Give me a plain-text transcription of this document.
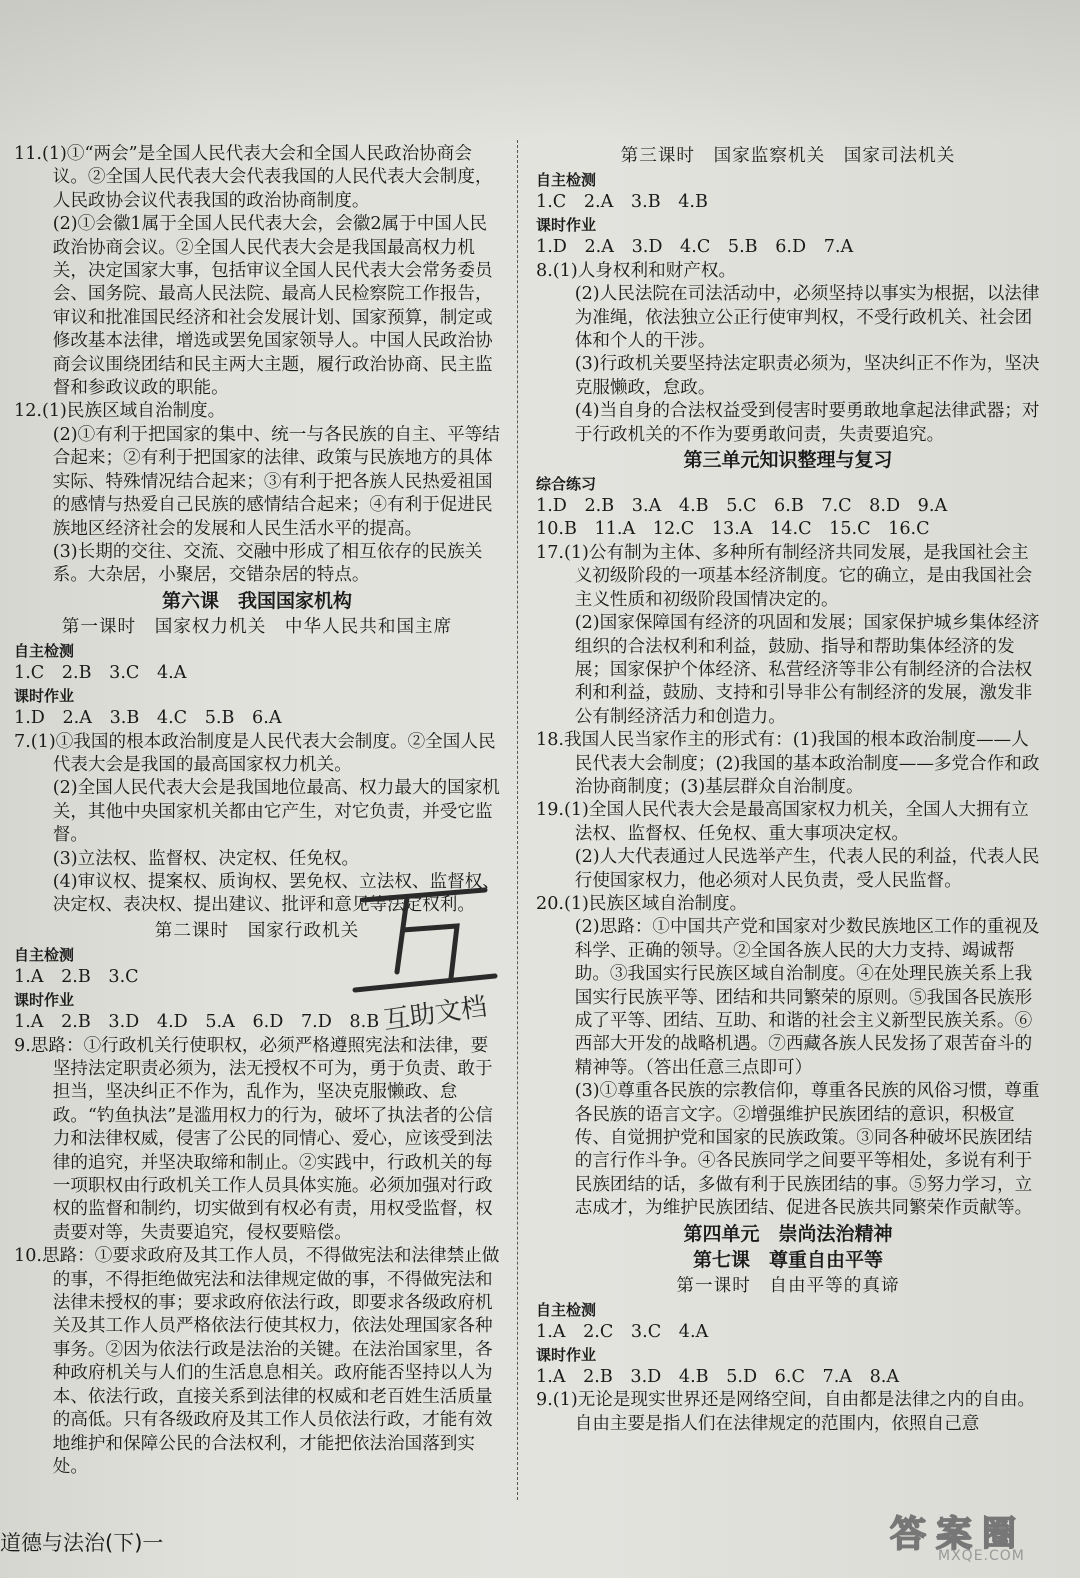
11.(1)①“两会”是全国人民代表大会和全国人民政治协商会议。②全国人民代表大会代表我国的人民代表大会制度，人民政协会议代表我国的政治协商制度。

(2)①会徽1属于全国人民代表大会，会徽2属于中国人民政治协商会议。②全国人民代表大会是我国最高权力机关，决定国家大事，包括审议全国人民代表大会常务委员会、国务院、最高人民法院、最高人民检察院工作报告，审议和批准国民经济和社会发展计划、国家预算，制定或修改基本法律，增选或罢免国家领导人。中国人民政治协商会议围绕团结和民主两大主题，履行政治协商、民主监督和参政议政的职能。

12.(1)民族区域自治制度。

(2)①有利于把国家的集中、统一与各民族的自主、平等结合起来；②有利于把国家的法律、政策与民族地方的具体实际、特殊情况结合起来；③有利于把各族人民热爱祖国的感情与热爱自己民族的感情结合起来；④有利于促进民族地区经济社会的发展和人民生活水平的提高。

(3)长期的交往、交流、交融中形成了相互依存的民族关系。大杂居，小聚居，交错杂居的特点。

第六课　我国国家机构

第一课时　国家权力机关　中华人民共和国主席

自主检测

1.C　2.B　3.C　4.A

课时作业

1.D　2.A　3.B　4.C　5.B　6.A

7.(1)①我国的根本政治制度是人民代表大会制度。②全国人民代表大会是我国的最高国家权力机关。

(2)全国人民代表大会是我国地位最高、权力最大的国家机关，其他中央国家机关都由它产生，对它负责，并受它监督。

(3)立法权、监督权、决定权、任免权。

(4)审议权、提案权、质询权、罢免权、立法权、监督权、决定权、表决权、提出建议、批评和意见等法定权利。

第二课时　国家行政机关

自主检测

1.A　2.B　3.C

课时作业

1.A　2.B　3.D　4.D　5.A　6.D　7.D　8.B

9.思路：①行政机关行使职权，必须严格遵照宪法和法律，要坚持法定职责必须为，法无授权不可为，勇于负责、敢于担当，坚决纠正不作为，乱作为，坚决克服懒政、怠政。“钓鱼执法”是滥用权力的行为，破坏了执法者的公信力和法律权威，侵害了公民的同情心、爱心，应该受到法律的追究，并坚决取缔和制止。②实践中，行政机关的每一项职权由行政机关工作人员具体实施。必须加强对行政权的监督和制约，切实做到有权必有责，用权受监督，权责要对等，失责要追究，侵权要赔偿。

10.思路：①要求政府及其工作人员，不得做宪法和法律禁止做的事，不得拒绝做宪法和法律规定做的事，不得做宪法和法律未授权的事；要求政府依法行政，即要求各级政府机关及其工作人员严格依法行使其权力，依法处理国家各种事务。②因为依法行政是法治的关键。在法治国家里，各种政府机关与人们的生活息息相关。政府能否坚持以人为本、依法行政，直接关系到法律的权威和老百姓生活质量的高低。只有各级政府及其工作人员依法行政，才能有效地维护和保障公民的合法权利，才能把依法治国落到实处。

第三课时　国家监察机关　国家司法机关

自主检测

1.C　2.A　3.B　4.B

课时作业

1.D　2.A　3.D　4.C　5.B　6.D　7.A

8.(1)人身权利和财产权。

(2)人民法院在司法活动中，必须坚持以事实为根据，以法律为准绳，依法独立公正行使审判权，不受行政机关、社会团体和个人的干涉。

(3)行政机关要坚持法定职责必须为，坚决纠正不作为，坚决克服懒政，怠政。

(4)当自身的合法权益受到侵害时要勇敢地拿起法律武器；对于行政机关的不作为要勇敢问责，失责要追究。

第三单元知识整理与复习

综合练习

1.D　2.B　3.A　4.B　5.C　6.B　7.C　8.D　9.A

10.B　11.A　12.C　13.A　14.C　15.C　16.C

17.(1)公有制为主体、多种所有制经济共同发展，是我国社会主义初级阶段的一项基本经济制度。它的确立，是由我国社会主义性质和初级阶段国情决定的。

(2)国家保障国有经济的巩固和发展；国家保护城乡集体经济组织的合法权利和利益，鼓励、指导和帮助集体经济的发展；国家保护个体经济、私营经济等非公有制经济的合法权利和利益，鼓励、支持和引导非公有制经济的发展，激发非公有制经济活力和创造力。

18.我国人民当家作主的形式有：(1)我国的根本政治制度——人民代表大会制度；(2)我国的基本政治制度——多党合作和政治协商制度；(3)基层群众自治制度。

19.(1)全国人民代表大会是最高国家权力机关，全国人大拥有立法权、监督权、任免权、重大事项决定权。

(2)人大代表通过人民选举产生，代表人民的利益，代表人民行使国家权力，他必须对人民负责，受人民监督。

20.(1)民族区域自治制度。

(2)思路：①中国共产党和国家对少数民族地区工作的重视及科学、正确的领导。②全国各族人民的大力支持、竭诚帮助。③我国实行民族区域自治制度。④在处理民族关系上我国实行民族平等、团结和共同繁荣的原则。⑤我国各民族形成了平等、团结、互助、和谐的社会主义新型民族关系。⑥西部大开发的战略机遇。⑦西藏各族人民发扬了艰苦奋斗的精神等。（答出任意三点即可）

(3)①尊重各民族的宗教信仰，尊重各民族的风俗习惯，尊重各民族的语言文字。②增强维护民族团结的意识，积极宣传、自觉拥护党和国家的民族政策。③同各种破坏民族团结的言行作斗争。④各民族同学之间要平等相处，多说有利于民族团结的话，多做有利于民族团结的事。⑤努力学习，立志成才，为维护民族团结、促进各民族共同繁荣作贡献等。

第四单元　崇尚法治精神

第七课　尊重自由平等

第一课时　自由平等的真谛

自主检测

1.A　2.C　3.C　4.A

课时作业

1.A　2.B　3.D　4.B　5.D　6.C　7.A　8.A

9.(1)无论是现实世界还是网络空间，自由都是法律之内的自由。自由主要是指人们在法律规定的范围内，依照自己意

互助文档
道德与法治(下)一	答 案 圈
MXQE.COM
